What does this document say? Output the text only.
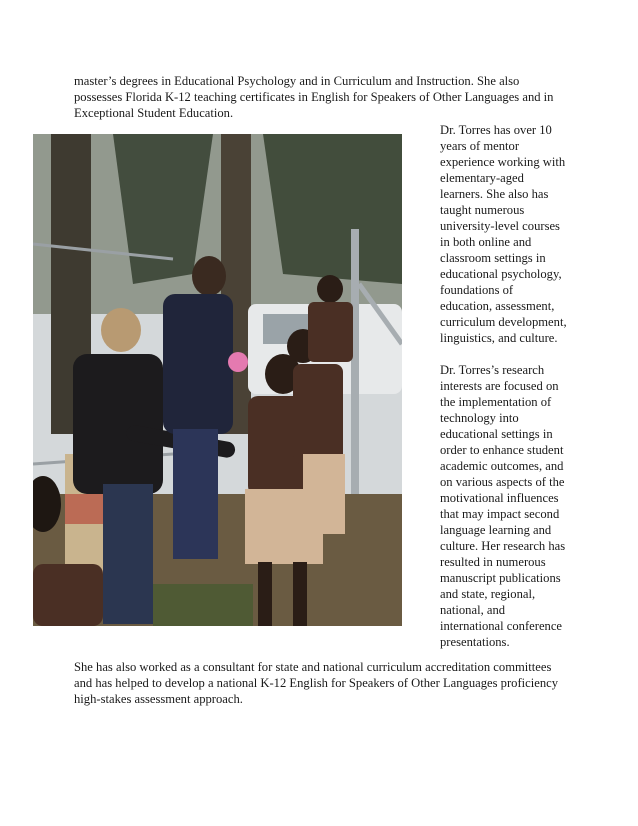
master’s degrees in Educational Psychology and in Curriculum and Instruction. She also possesses Florida K-12 teaching certificates in English for Speakers of Other Languages and in Exceptional Student Education.

Dr. Torres has over 10 years of mentor experience working with elementary-aged learners. She also has taught numerous university-level courses in both online and classroom settings in educational psychology, foundations of education, assessment, curriculum development, linguistics, and culture.

Dr. Torres’s research interests are focused on the implementation of technology into educational settings in order to enhance student academic outcomes, and on various aspects of the motivational influences that may impact second language learning and culture. Her research has resulted in numerous manuscript publications and state, regional, national, and international conference presentations.

She has also worked as a consultant for state and national curriculum accreditation committees and has helped to develop a national K-12 English for Speakers of Other Languages proficiency high-stakes assessment approach.
